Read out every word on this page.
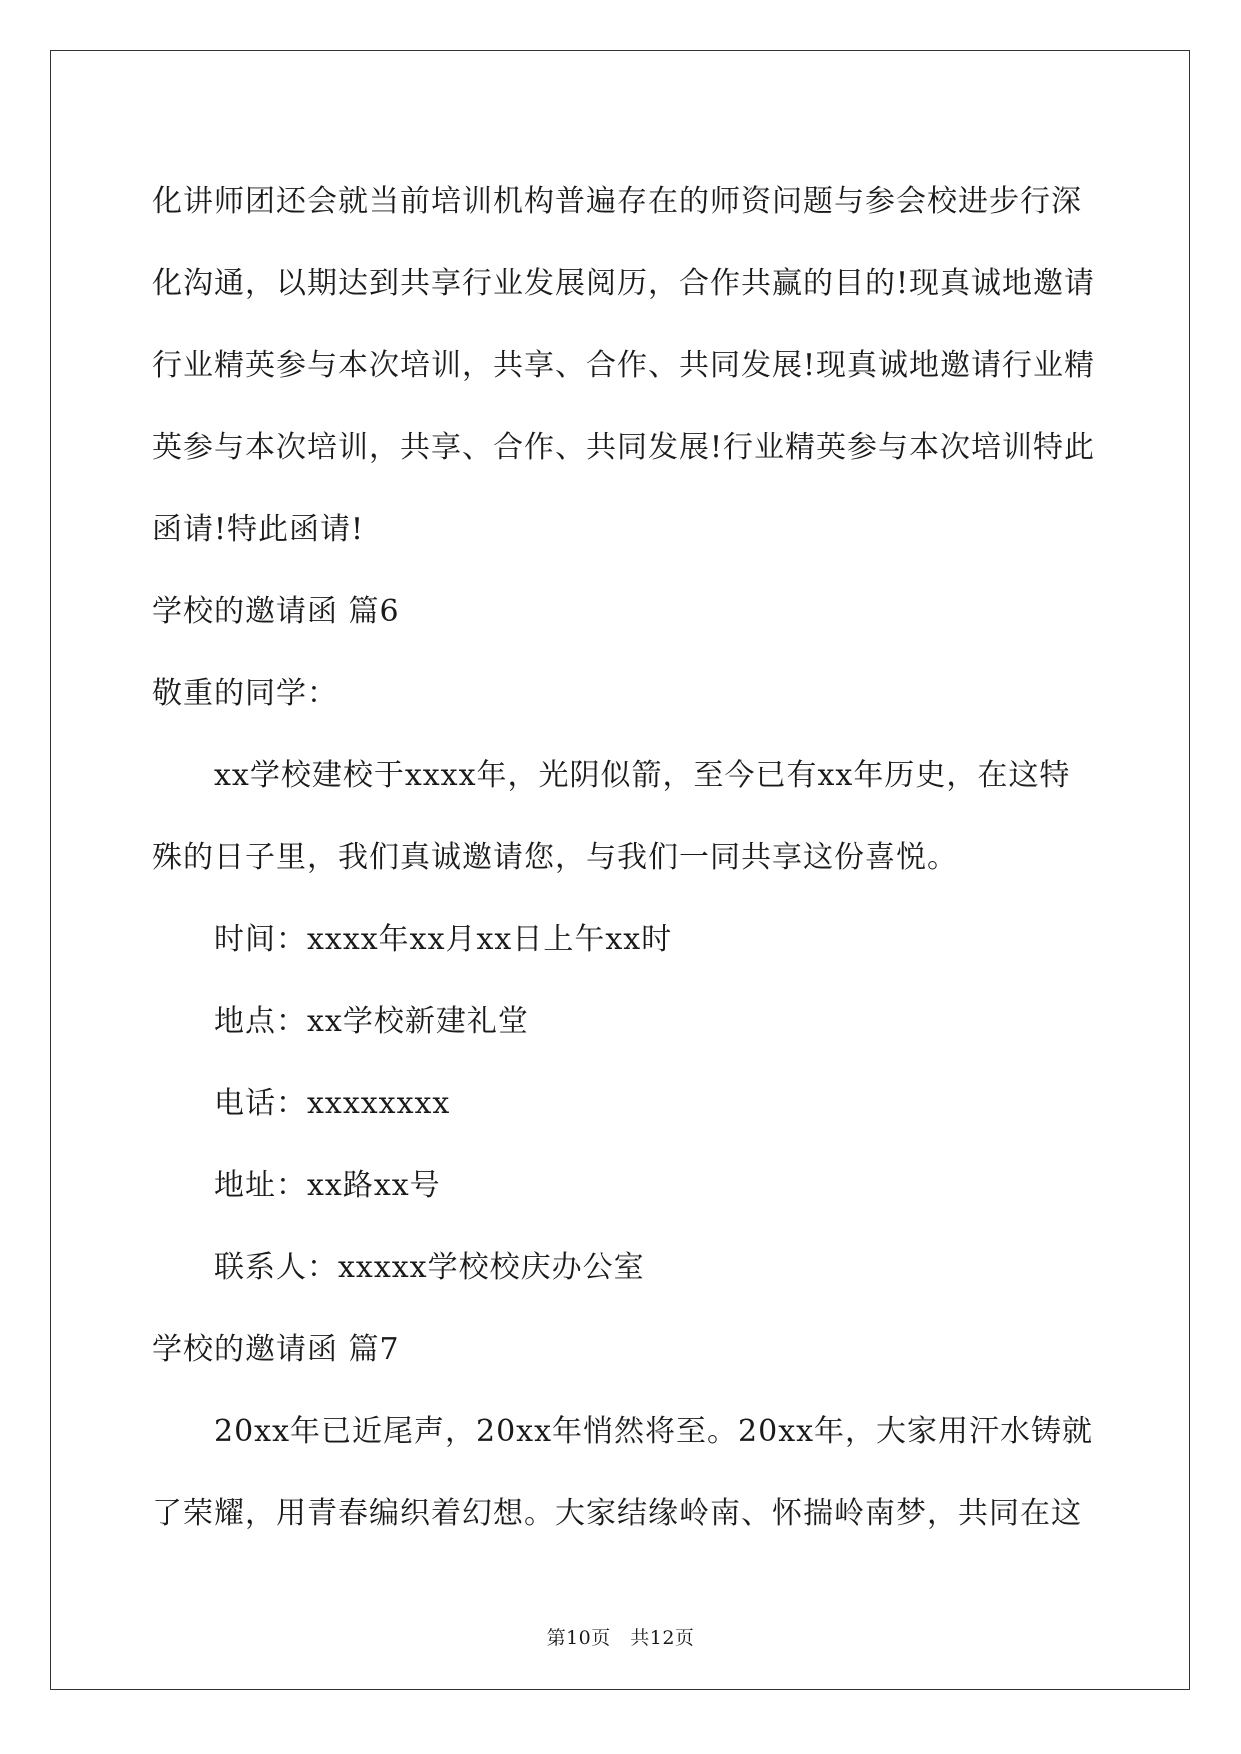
化讲师团还会就当前培训机构普遍存在的师资问题与参会校进步行深

化沟通，以期达到共享行业发展阅历，合作共赢的目的!现真诚地邀请

行业精英参与本次培训，共享、合作、共同发展!现真诚地邀请行业精

英参与本次培训，共享、合作、共同发展!行业精英参与本次培训特此

函请!特此函请!

学校的邀请函 篇6

敬重的同学：

xx学校建校于xxxx年，光阴似箭，至今已有xx年历史，在这特

殊的日子里，我们真诚邀请您，与我们一同共享这份喜悦。

时间：xxxx年xx月xx日上午xx时

地点：xx学校新建礼堂

电话：xxxxxxxx

地址：xx路xx号

联系人：xxxxx学校校庆办公室

学校的邀请函 篇7

20xx年已近尾声，20xx年悄然将至。20xx年，大家用汗水铸就

了荣耀，用青春编织着幻想。大家结缘岭南、怀揣岭南梦，共同在这

第10页　共12页
